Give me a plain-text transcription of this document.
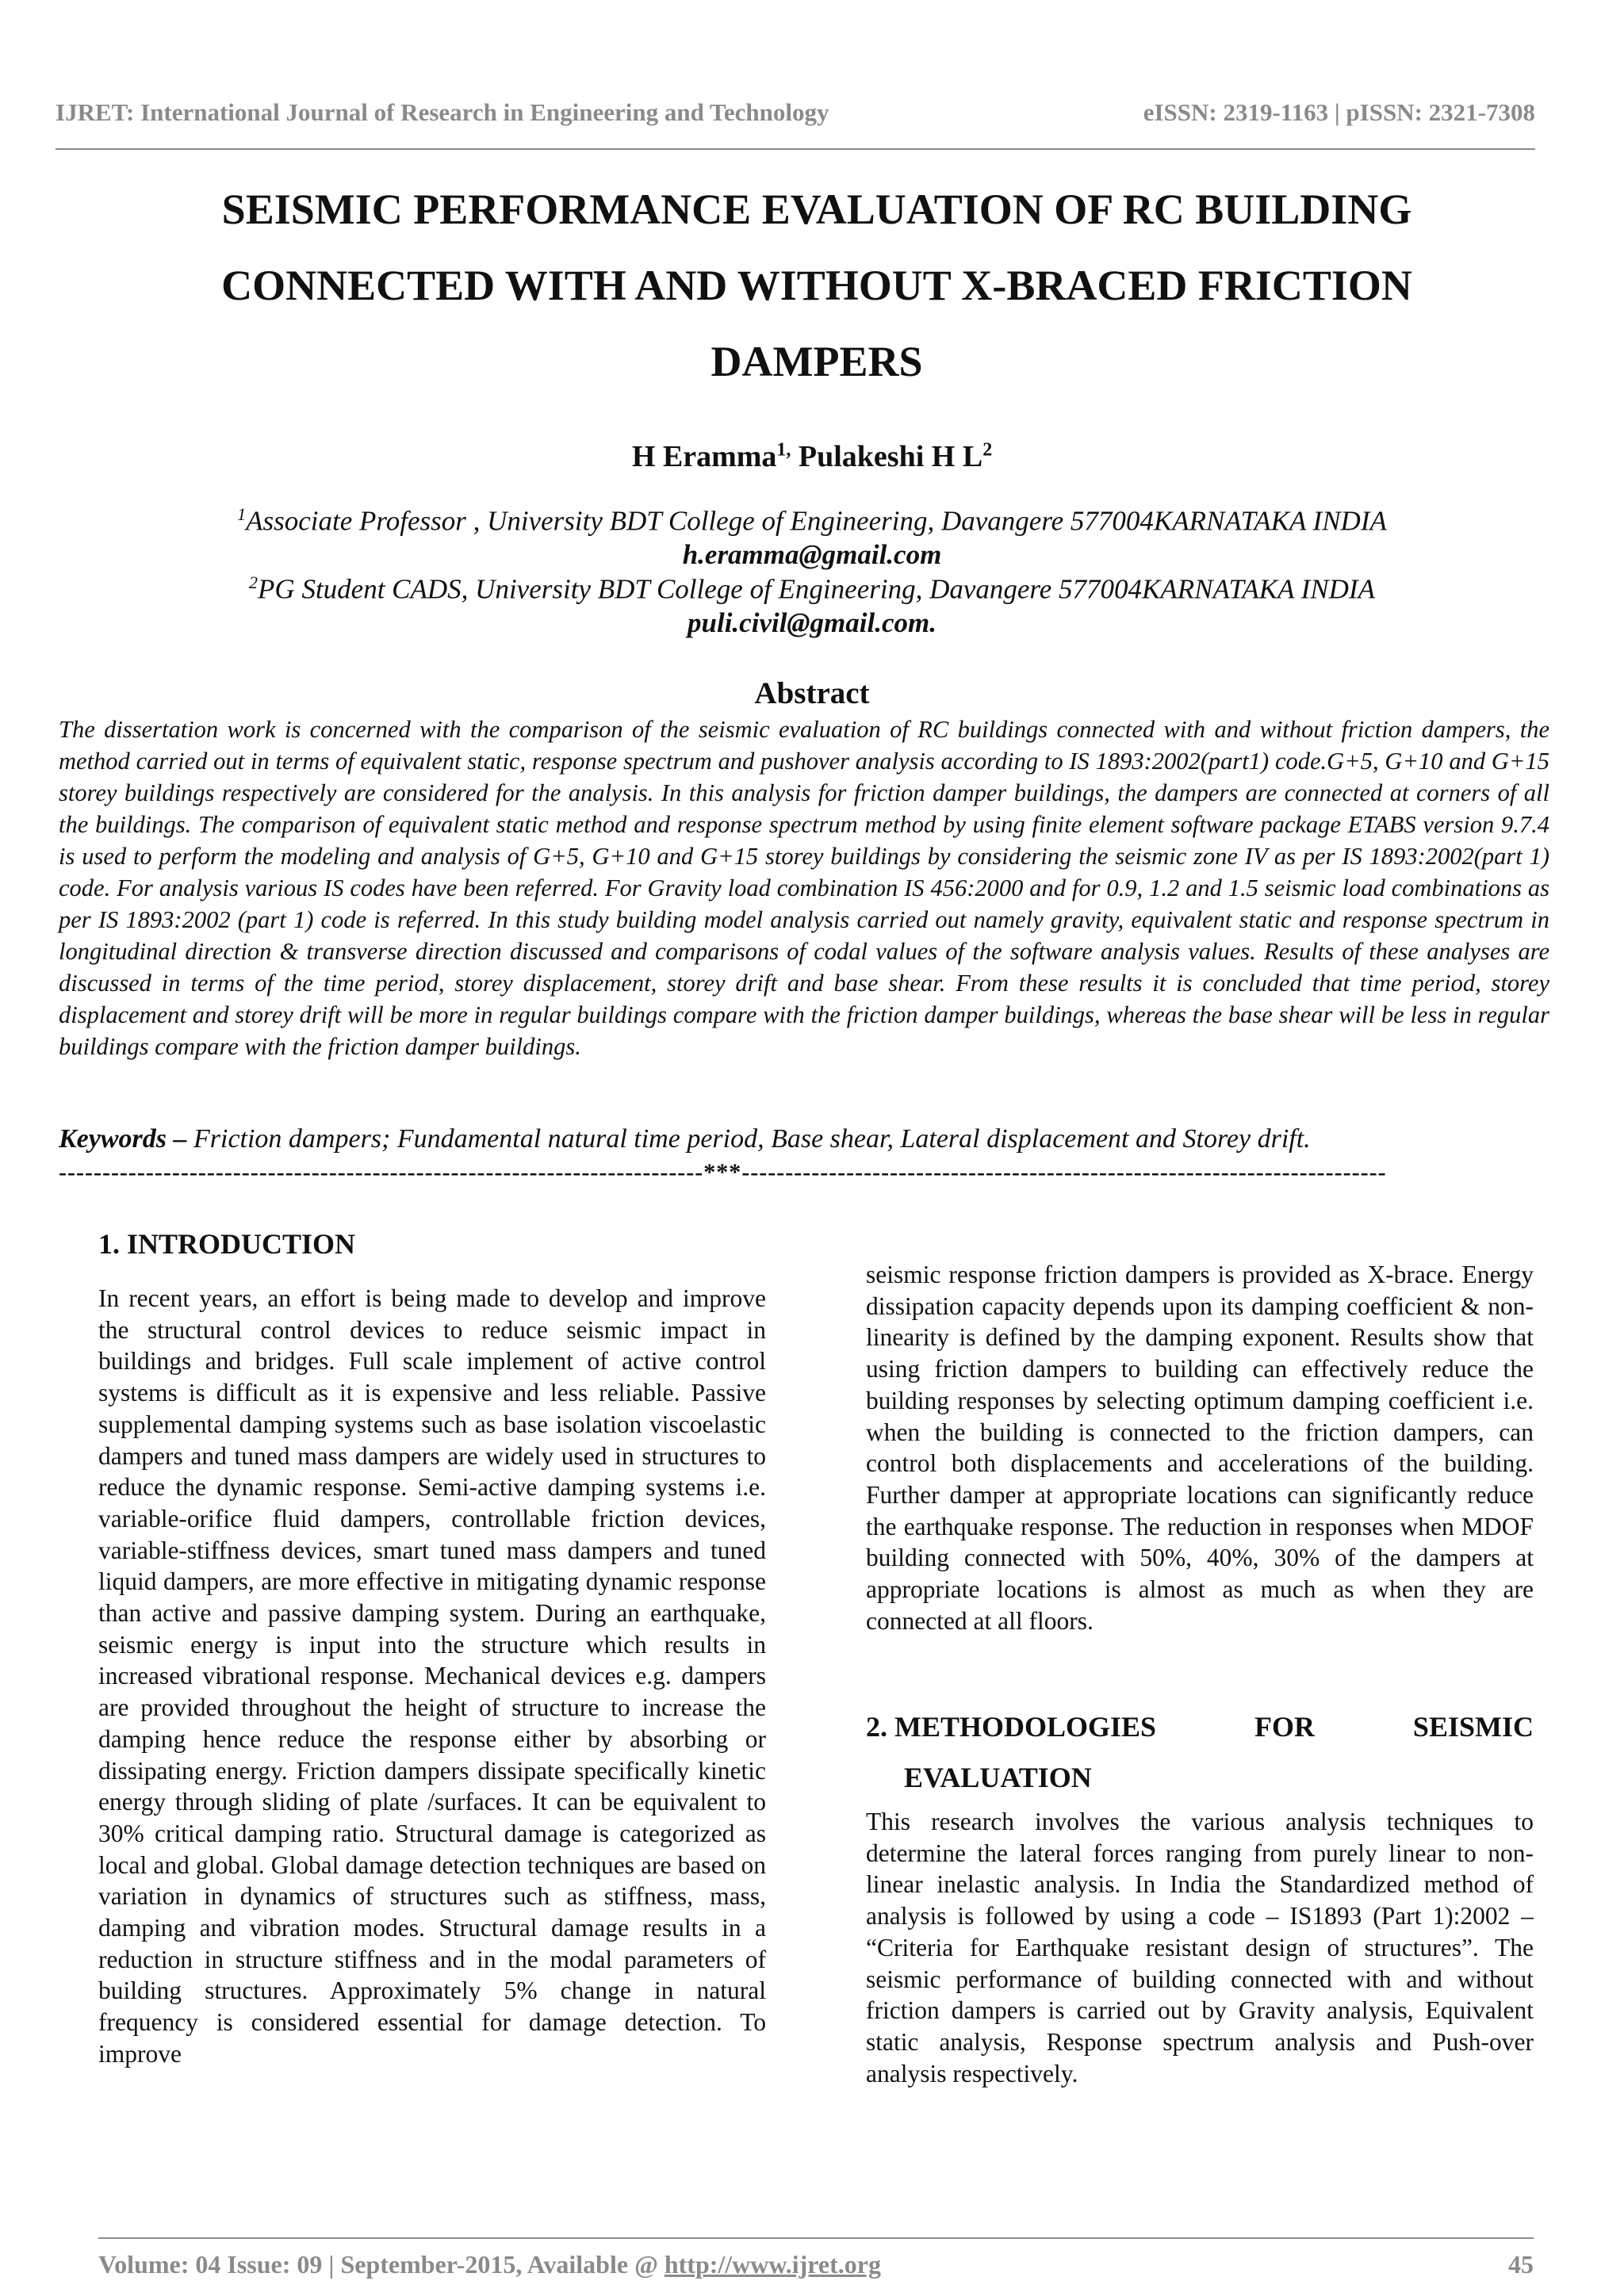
IJRET: International Journal of Research in Engineering and Technology	eISSN: 2319-1163 | pISSN: 2321-7308
SEISMIC PERFORMANCE EVALUATION OF RC BUILDING
CONNECTED WITH AND WITHOUT X-BRACED FRICTION
DAMPERS
H Eramma$^{1,}$ Pulakeshi H $L^2$
$^1$Associate Professor , University BDT College of Engineering, Davangere 577004KARNATAKA INDIA
h.eramma@gmail.com
$^2$PG Student CADS, University BDT College of Engineering, Davangere 577004KARNATAKA INDIA
puli.civil@gmail.com.
Abstract
The dissertation work is concerned with the comparison of the seismic evaluation of RC buildings connected with and without friction dampers, the method carried out in terms of equivalent static, response spectrum and pushover analysis according to IS 1893:2002(part1) code.G+5, G+10 and G+15 storey buildings respectively are considered for the analysis. In this analysis for friction damper buildings, the dampers are connected at corners of all the buildings. The comparison of equivalent static method and response spectrum method by using finite element software package ETABS version 9.7.4 is used to perform the modeling and analysis of G+5, G+10 and G+15 storey buildings by considering the seismic zone IV as per IS 1893:2002(part 1) code. For analysis various IS codes have been referred. For Gravity load combination IS 456:2000 and for 0.9, 1.2 and 1.5 seismic load combinations as per IS 1893:2002 (part 1) code is referred. In this study building model analysis carried out namely gravity, equivalent static and response spectrum in longitudinal direction & transverse direction discussed and comparisons of codal values of the software analysis values. Results of these analyses are discussed in terms of the time period, storey displacement, storey drift and base shear. From these results it is concluded that time period, storey displacement and storey drift will be more in regular buildings compare with the friction damper buildings, whereas the base shear will be less in regular buildings compare with the friction damper buildings.
Keywords – Friction dampers; Fundamental natural time period, Base shear, Lateral displacement and Storey drift.
--------------------------------------------------------------------------***--------------------------------------------------------------------------
1. INTRODUCTION
In recent years, an effort is being made to develop and improve the structural control devices to reduce seismic impact in buildings and bridges. Full scale implement of active control systems is difficult as it is expensive and less reliable. Passive supplemental damping systems such as base isolation viscoelastic dampers and tuned mass dampers are widely used in structures to reduce the dynamic response. Semi-active damping systems i.e. variable-orifice fluid dampers, controllable friction devices, variable-stiffness devices, smart tuned mass dampers and tuned liquid dampers, are more effective in mitigating dynamic response than active and passive damping system. During an earthquake, seismic energy is input into the structure which results in increased vibrational response. Mechanical devices e.g. dampers are provided throughout the height of structure to increase the damping hence reduce the response either by absorbing or dissipating energy. Friction dampers dissipate specifically kinetic energy through sliding of plate /surfaces. It can be equivalent to 30% critical damping ratio. Structural damage is categorized as local and global. Global damage detection techniques are based on variation in dynamics of structures such as stiffness, mass, damping and vibration modes. Structural damage results in a reduction in structure stiffness and in the modal parameters of building structures. Approximately 5% change in natural frequency is considered essential for damage detection. To improve
seismic response friction dampers is provided as X-brace. Energy dissipation capacity depends upon its damping coefficient & non-linearity is defined by the damping exponent. Results show that using friction dampers to building can effectively reduce the building responses by selecting optimum damping coefficient i.e. when the building is connected to the friction dampers, can control both displacements and accelerations of the building. Further damper at appropriate locations can significantly reduce the earthquake response. The reduction in responses when MDOF building connected with 50%, 40%, 30% of the dampers at appropriate locations is almost as much as when they are connected at all floors.
2. METHODOLOGIES	FOR	SEISMIC
EVALUATION
This research involves the various analysis techniques to determine the lateral forces ranging from purely linear to non-linear inelastic analysis. In India the Standardized method of analysis is followed by using a code – IS1893 (Part 1):2002 – “Criteria for Earthquake resistant design of structures”. The seismic performance of building connected with and without friction dampers is carried out by Gravity analysis, Equivalent static analysis, Response spectrum analysis and Push-over analysis respectively.
Volume: 04 Issue: 09 | September-2015, Available @ http://www.ijret.org	45
